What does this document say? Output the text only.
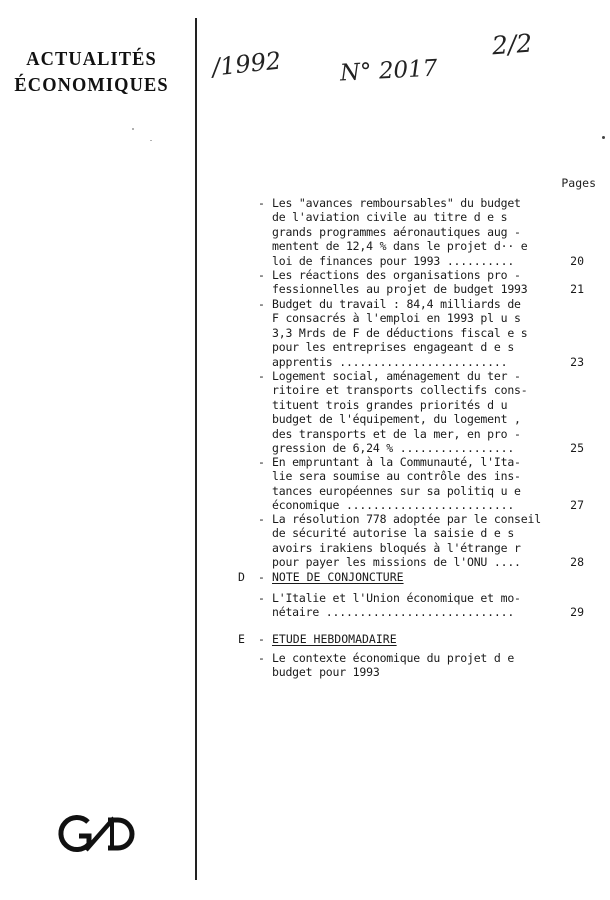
ACTUALITÉS
ÉCONOMIQUES
/1992 N° 2017
2/2
Pages
- Les "avances remboursables" du budget
de l'aviation civile au titre d e s
grands programmes aéronautiques aug -
mentent de 12,4 % dans le projet d·· e
loi de finances pour 1993 ..........	20
- Les réactions des organisations pro -
fessionnelles au projet de budget 1993	21
- Budget du travail : 84,4 milliards de
F consacrés à l'emploi en 1993 pl u s
3,3 Mrds de F de déductions fiscal e s
pour les entreprises engageant d e s
apprentis .........................	23
- Logement social, aménagement du ter -
ritoire et transports collectifs cons-
tituent trois grandes priorités d u
budget de l'équipement, du logement ,
des transports et de la mer, en pro -
gression de 6,24 % .................	25
- En empruntant à la Communauté, l'Ita-
lie sera soumise au contrôle des ins-
tances européennes sur sa politiq u e
économique .........................	27
- La résolution 778 adoptée par le conseil
de sécurité autorise la saisie d e s
avoirs irakiens bloqués à l'étrange r
pour payer les missions de l'ONU ....	28
D - NOTE DE CONJONCTURE
- L'Italie et l'Union économique et mo-
nétaire ............................	29
E - ETUDE HEBDOMADAIRE
- Le contexte économique du projet d e
budget pour 1993
